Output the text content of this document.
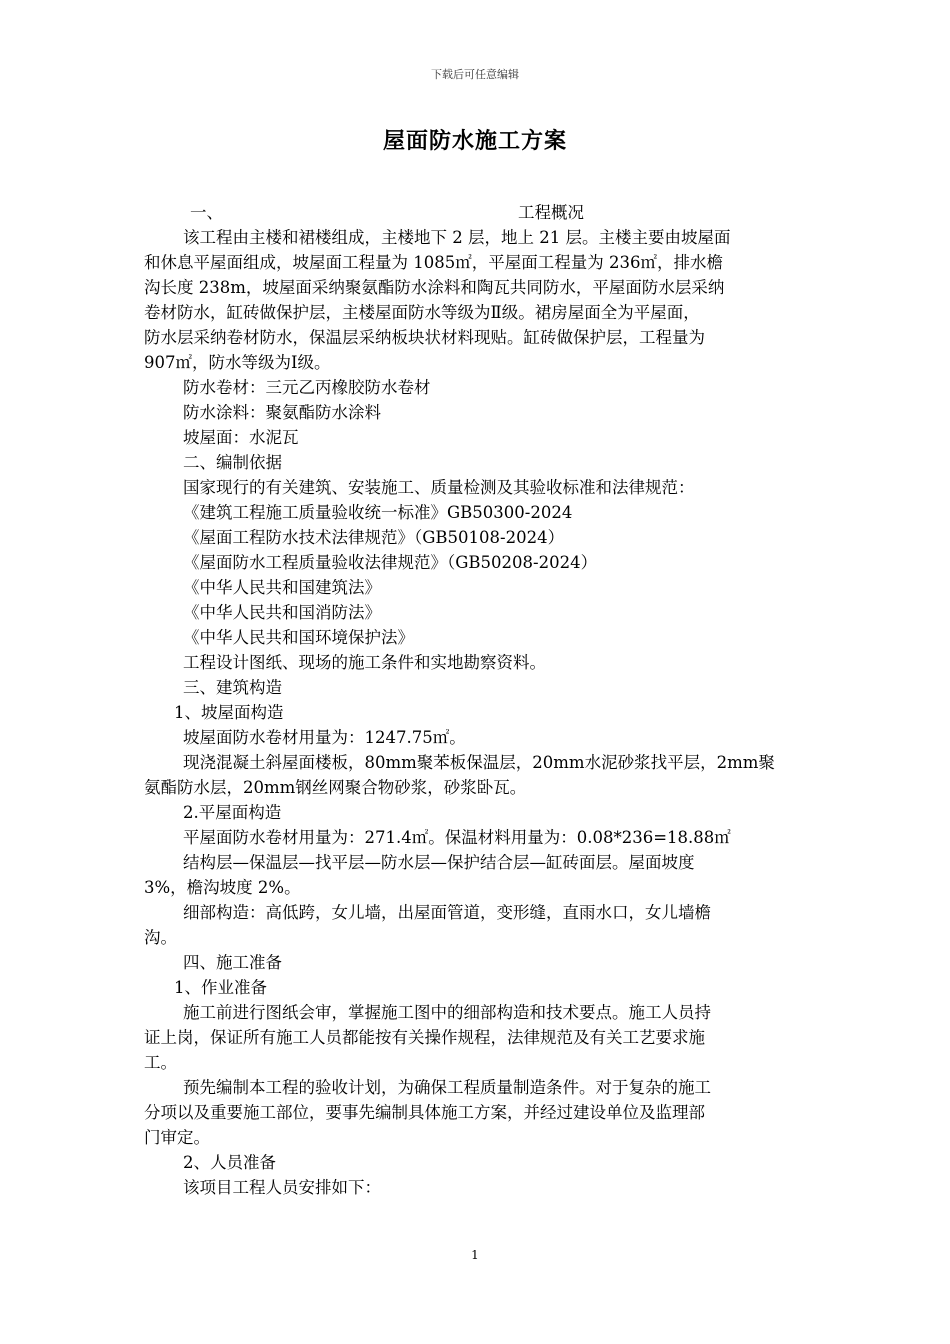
下载后可任意编辑
屋面防水施工方案
一、	工程概况
该工程由主楼和裙楼组成，主楼地下 2 层，地上 21 层。主楼主要由坡屋面
和休息平屋面组成，坡屋面工程量为 1085㎡，平屋面工程量为 236㎡，排水檐
沟长度 238m，坡屋面采纳聚氨酯防水涂料和陶瓦共同防水，平屋面防水层采纳
卷材防水，缸砖做保护层，主楼屋面防水等级为Ⅱ级。裙房屋面全为平屋面，
防水层采纳卷材防水，保温层采纳板块状材料现贴。缸砖做保护层，工程量为
907㎡，防水等级为Ⅰ级。
防水卷材：三元乙丙橡胶防水卷材
防水涂料：聚氨酯防水涂料
坡屋面：水泥瓦
二、编制依据
国家现行的有关建筑、安装施工、质量检测及其验收标准和法律规范：
《建筑工程施工质量验收统一标准》GB50300-2024
《屋面工程防水技术法律规范》（GB50108-2024）
《屋面防水工程质量验收法律规范》（GB50208-2024）
《中华人民共和国建筑法》
《中华人民共和国消防法》
《中华人民共和国环境保护法》
工程设计图纸、现场的施工条件和实地勘察资料。
三、建筑构造
1、坡屋面构造
坡屋面防水卷材用量为：1247.75㎡。
现浇混凝土斜屋面楼板，80mm聚苯板保温层，20mm水泥砂浆找平层，2mm聚
氨酯防水层，20mm钢丝网聚合物砂浆，砂浆卧瓦。
2.平屋面构造
平屋面防水卷材用量为：271.4㎡。保温材料用量为：0.08*236=18.88㎡
结构层—保温层—找平层—防水层—保护结合层—缸砖面层。屋面坡度
3%，檐沟坡度 2%。
细部构造：高低跨，女儿墙，出屋面管道，变形缝，直雨水口，女儿墙檐
沟。
四、施工准备
1、作业准备
施工前进行图纸会审，掌握施工图中的细部构造和技术要点。施工人员持
证上岗，保证所有施工人员都能按有关操作规程，法律规范及有关工艺要求施
工。
预先编制本工程的验收计划，为确保工程质量制造条件。对于复杂的施工
分项以及重要施工部位，要事先编制具体施工方案，并经过建设单位及监理部
门审定。
2、人员准备
该项目工程人员安排如下：
1
